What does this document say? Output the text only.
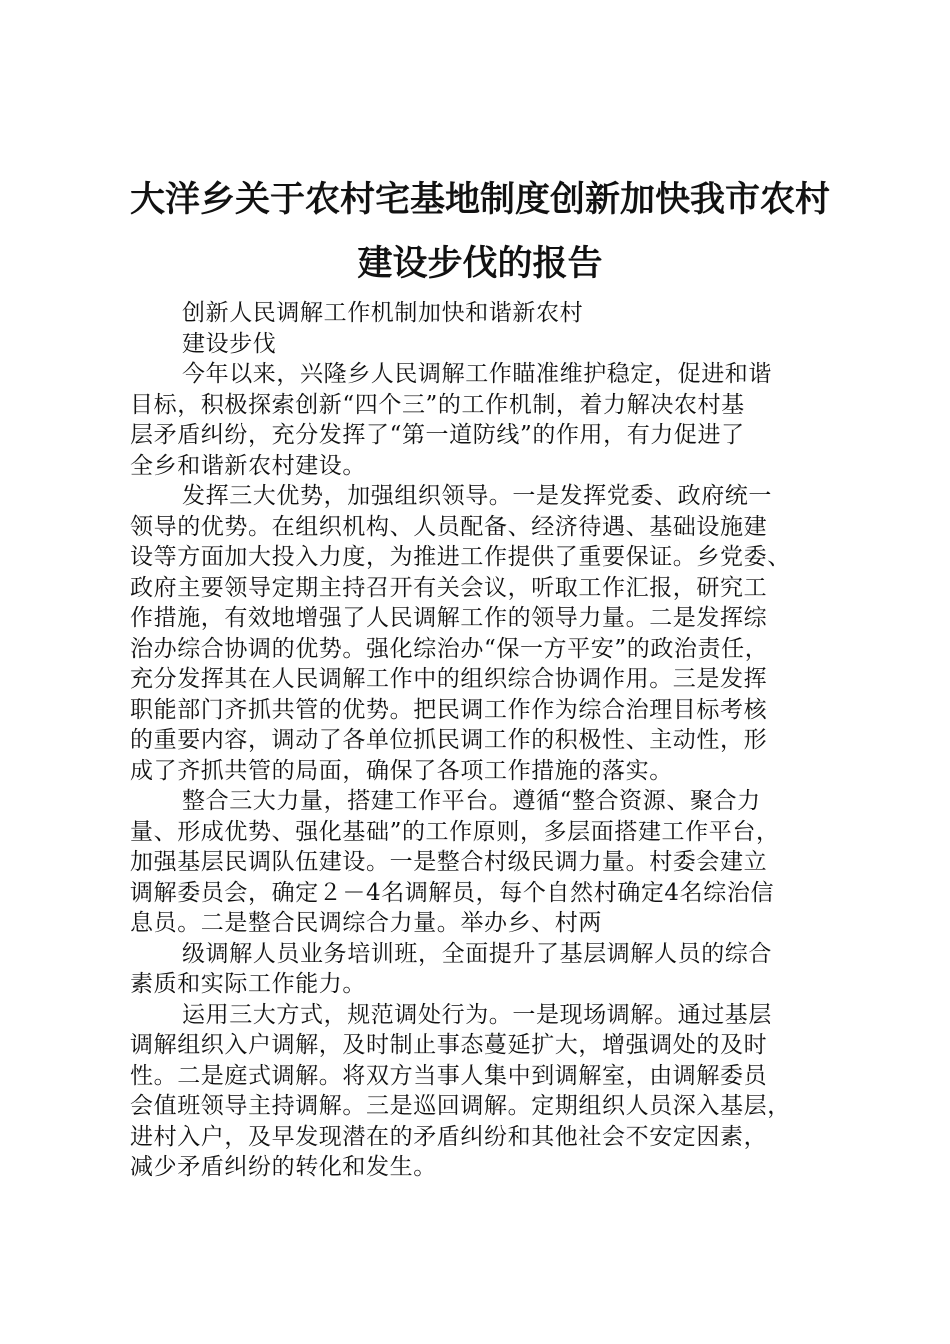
大洋乡关于农村宅基地制度创新加快我市农村
建设步伐的报告
创新人民调解工作机制加快和谐新农村
建设步伐
今年以来，兴隆乡人民调解工作瞄准维护稳定，促进和谐
目标，积极探索创新“四个三”的工作机制，着力解决农村基
层矛盾纠纷，充分发挥了“第一道防线”的作用，有力促进了
全乡和谐新农村建设。
发挥三大优势，加强组织领导。一是发挥党委、政府统一
领导的优势。在组织机构、人员配备、经济待遇、基础设施建
设等方面加大投入力度，为推进工作提供了重要保证。乡党委、
政府主要领导定期主持召开有关会议，听取工作汇报，研究工
作措施，有效地增强了人民调解工作的领导力量。二是发挥综
治办综合协调的优势。强化综治办“保一方平安”的政治责任，
充分发挥其在人民调解工作中的组织综合协调作用。三是发挥
职能部门齐抓共管的优势。把民调工作作为综合治理目标考核
的重要内容，调动了各单位抓民调工作的积极性、主动性，形
成了齐抓共管的局面，确保了各项工作措施的落实。
整合三大力量，搭建工作平台。遵循“整合资源、聚合力
量、形成优势、强化基础”的工作原则，多层面搭建工作平台，
加强基层民调队伍建设。一是整合村级民调力量。村委会建立
调解委员会，确定２－4名调解员，每个自然村确定4名综治信
息员。二是整合民调综合力量。举办乡、村两
级调解人员业务培训班，全面提升了基层调解人员的综合
素质和实际工作能力。
运用三大方式，规范调处行为。一是现场调解。通过基层
调解组织入户调解，及时制止事态蔓延扩大，增强调处的及时
性。二是庭式调解。将双方当事人集中到调解室，由调解委员
会值班领导主持调解。三是巡回调解。定期组织人员深入基层，
进村入户，及早发现潜在的矛盾纠纷和其他社会不安定因素，
减少矛盾纠纷的转化和发生。
